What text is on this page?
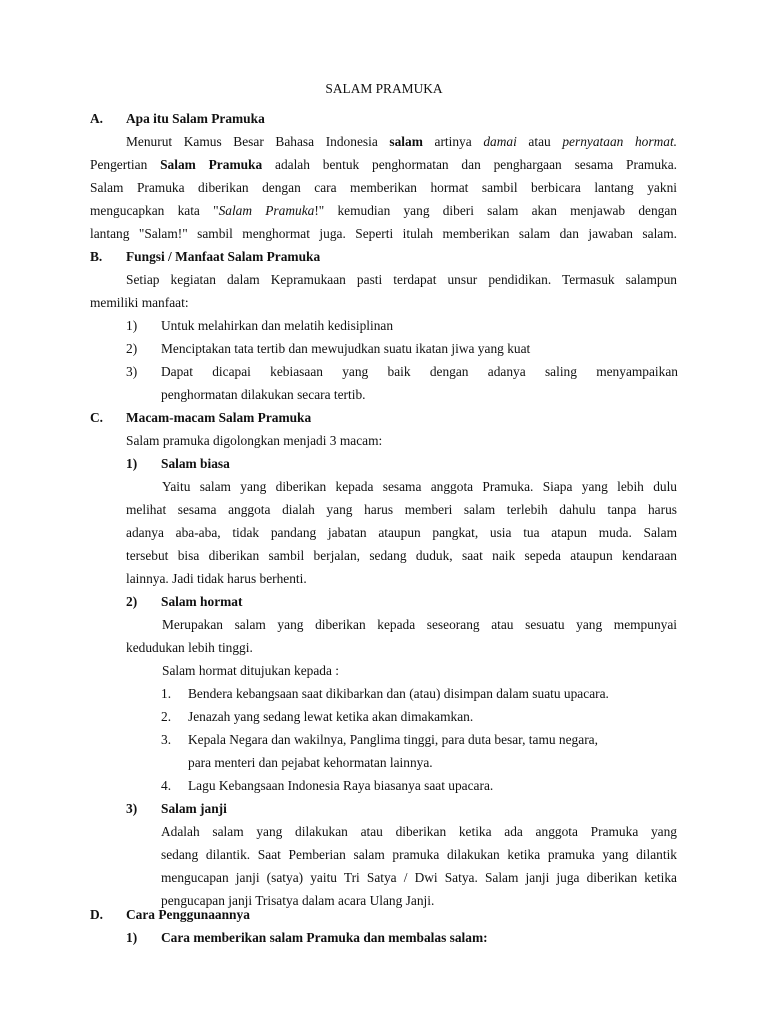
SALAM PRAMUKA
A. Apa itu Salam Pramuka
Menurut Kamus Besar Bahasa Indonesia salam artinya damai atau pernyataan hormat.
Pengertian Salam Pramuka adalah bentuk penghormatan dan penghargaan sesama Pramuka.
Salam Pramuka diberikan dengan cara memberikan hormat sambil berbicara lantang yakni
mengucapkan kata "Salam Pramuka!" kemudian yang diberi salam akan menjawab dengan
lantang "Salam!" sambil menghormat juga. Seperti itulah memberikan salam dan jawaban salam.
B. Fungsi / Manfaat Salam Pramuka
Setiap kegiatan dalam Kepramukaan pasti terdapat unsur pendidikan. Termasuk salampun
memiliki manfaat:
1) Untuk melahirkan dan melatih kedisiplinan
2) Menciptakan tata tertib dan mewujudkan suatu ikatan jiwa yang kuat
3) Dapat dicapai kebiasaan yang baik dengan adanya saling menyampaikan
penghormatan dilakukan secara tertib.
C. Macam-macam Salam Pramuka
Salam pramuka digolongkan menjadi 3 macam:
1) Salam biasa
Yaitu salam yang diberikan kepada sesama anggota Pramuka. Siapa yang lebih dulu
melihat sesama anggota dialah yang harus memberi salam terlebih dahulu tanpa harus
adanya aba-aba, tidak pandang jabatan ataupun pangkat, usia tua atapun muda. Salam
tersebut bisa diberikan sambil berjalan, sedang duduk, saat naik sepeda ataupun kendaraan
lainnya. Jadi tidak harus berhenti.
2) Salam hormat
Merupakan salam yang diberikan kepada seseorang atau sesuatu yang mempunyai
kedudukan lebih tinggi.
Salam hormat ditujukan kepada :
1. Bendera kebangsaan saat dikibarkan dan (atau) disimpan dalam suatu upacara.
2. Jenazah yang sedang lewat ketika akan dimakamkan.
3. Kepala Negara dan wakilnya, Panglima tinggi, para duta besar, tamu negara,
para menteri dan pejabat kehormatan lainnya.
4. Lagu Kebangsaan Indonesia Raya biasanya saat upacara.
3) Salam janji
Adalah salam yang dilakukan atau diberikan ketika ada anggota Pramuka yang
sedang dilantik. Saat Pemberian salam pramuka dilakukan ketika pramuka yang dilantik
mengucapan janji (satya) yaitu Tri Satya / Dwi Satya. Salam janji juga diberikan ketika
pengucapan janji Trisatya dalam acara Ulang Janji.
D. Cara Penggunaannya
1) Cara memberikan salam Pramuka dan membalas salam:
